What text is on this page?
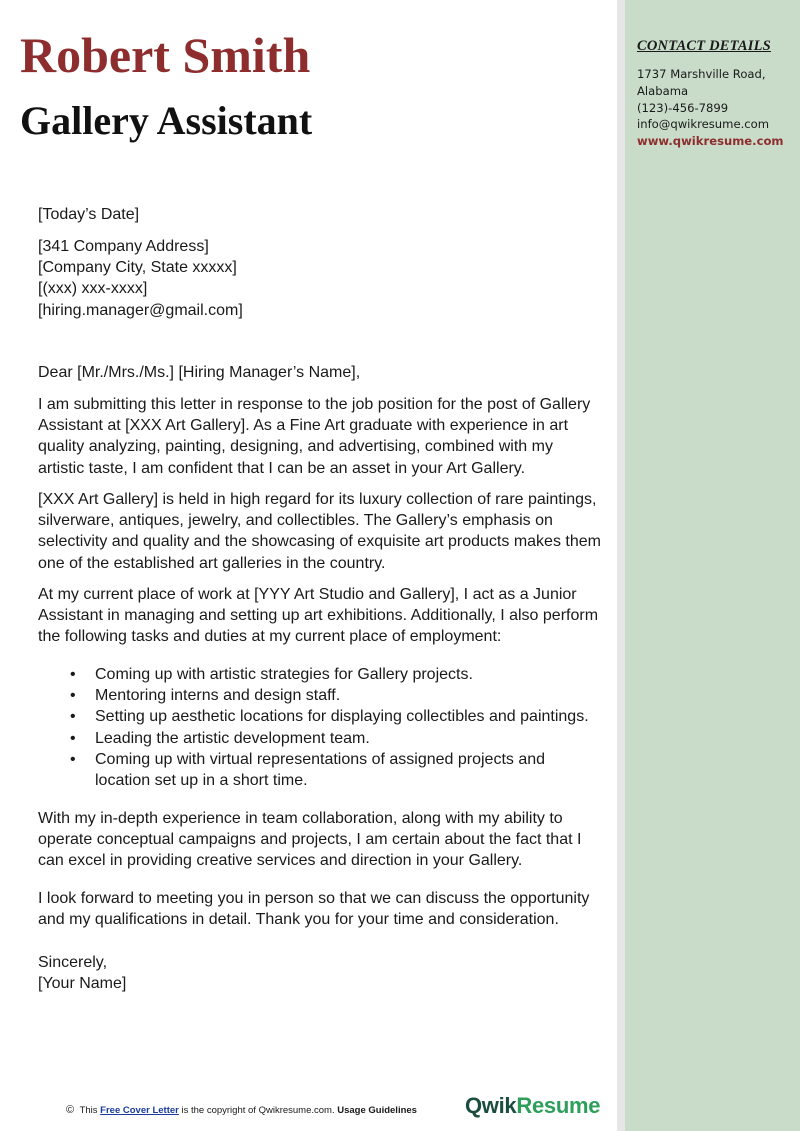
CONTACT DETAILS
1737 Marshville Road,
Alabama
(123)-456-7899
info@qwikresume.com
www.qwikresume.com
Robert Smith
Gallery Assistant
[Today’s Date]
[341 Company Address]
[Company City, State xxxxx]
[(xxx) xxx-xxxx]
[hiring.manager@gmail.com]
Dear [Mr./Mrs./Ms.] [Hiring Manager’s Name],

I am submitting this letter in response to the job position for the post of Gallery Assistant at [XXX Art Gallery]. As a Fine Art graduate with experience in art quality analyzing, painting, designing, and advertising, combined with my artistic taste, I am confident that I can be an asset in your Art Gallery.

[XXX Art Gallery] is held in high regard for its luxury collection of rare paintings, silverware, antiques, jewelry, and collectibles. The Gallery’s emphasis on selectivity and quality and the showcasing of exquisite art products makes them one of the established art galleries in the country.

At my current place of work at [YYY Art Studio and Gallery], I act as a Junior Assistant in managing and setting up art exhibitions. Additionally, I also perform the following tasks and duties at my current place of employment:

• Coming up with artistic strategies for Gallery projects.
• Mentoring interns and design staff.
• Setting up aesthetic locations for displaying collectibles and paintings.
• Leading the artistic development team.
• Coming up with virtual representations of assigned projects and location set up in a short time.

With my in-depth experience in team collaboration, along with my ability to operate conceptual campaigns and projects, I am certain about the fact that I can excel in providing creative services and direction in your Gallery.

I look forward to meeting you in person so that we can discuss the opportunity and my qualifications in detail. Thank you for your time and consideration.

Sincerely,
[Your Name]
© This Free Cover Letter is the copyright of Qwikresume.com. Usage Guidelines QwikResume
